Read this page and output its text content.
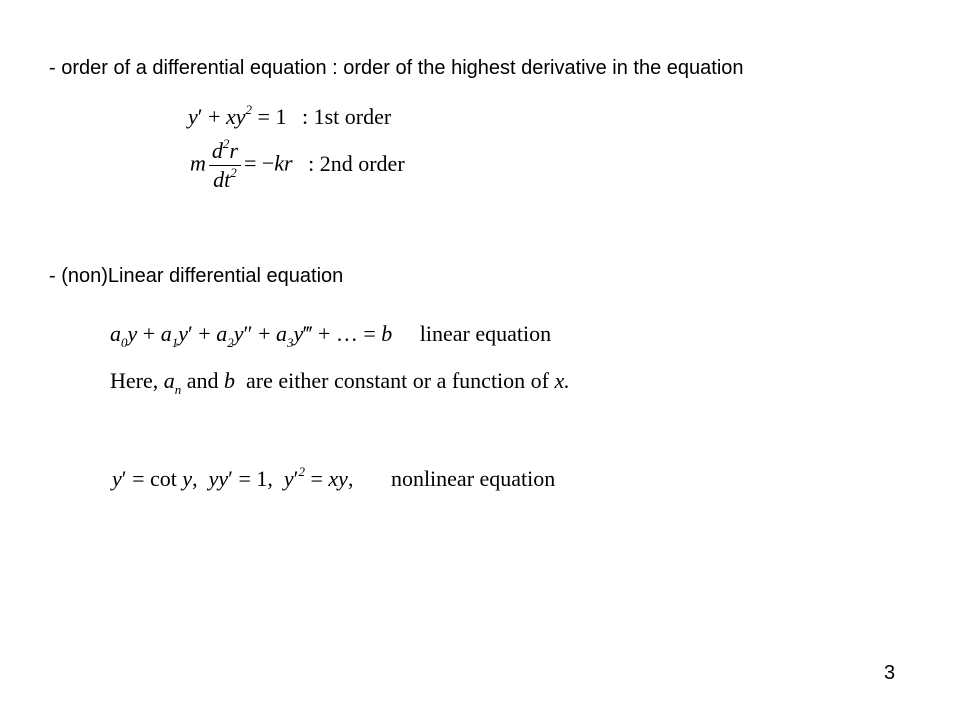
- order of a differential equation : order of the highest derivative in the equation
$y' + xy^2 = 1$ : 1st order
m $\frac{d^2r}{dt^2} = -kr$ : 2nd order
- (non)Linear differential equation
$a_0y + a_1y' + a_2y''$ + $a_3y‴$ + … = b linear equation
Here, $a_n$ and b are either constant or a function of x.
y′ = cot y,  yy′ = 1,  $y'^2$ = xy, nonlinear equation
3
